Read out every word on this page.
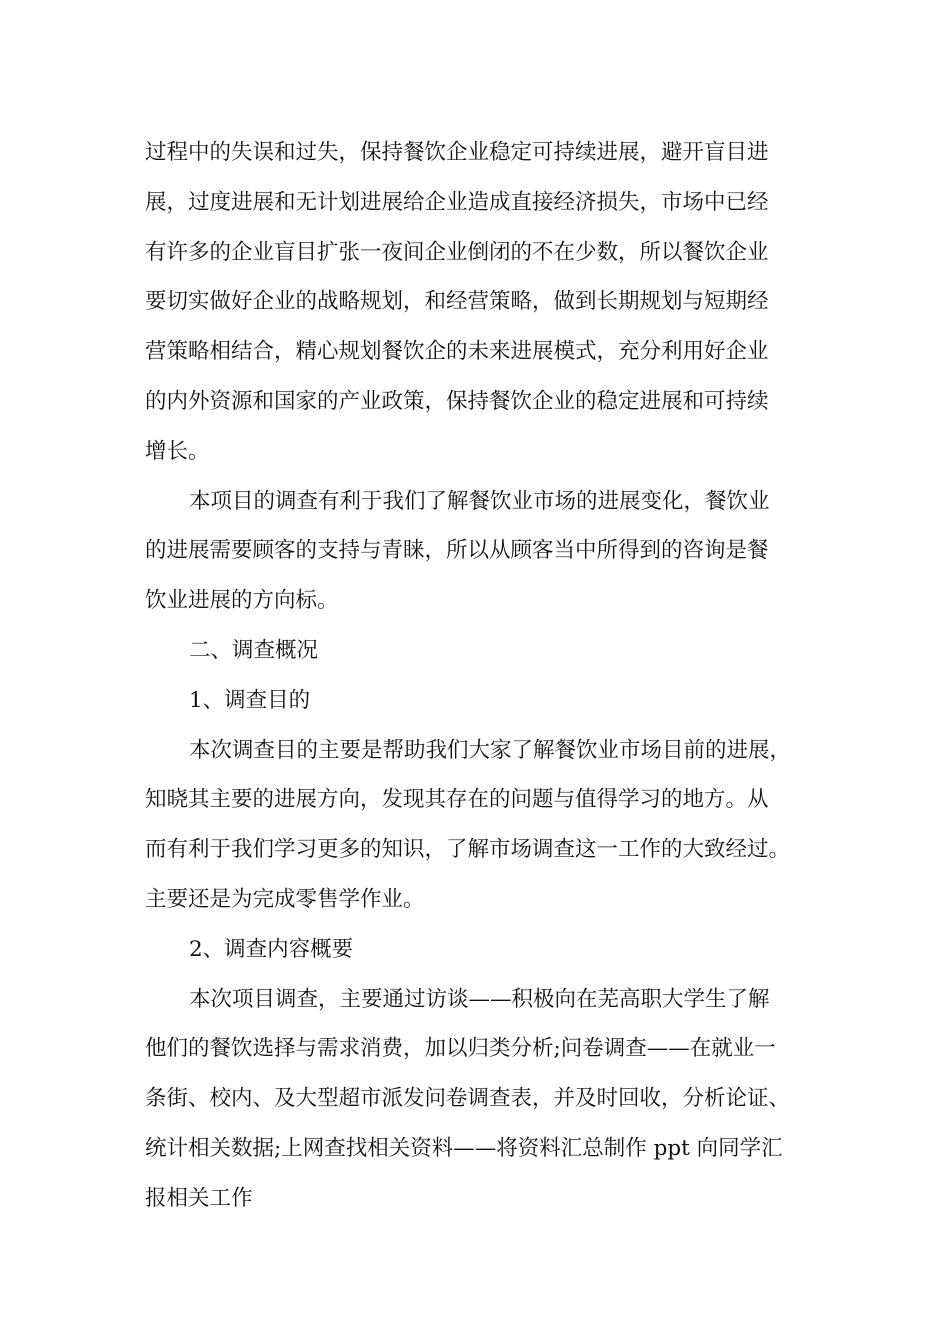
过程中的失误和过失，保持餐饮企业稳定可持续进展，避开盲目进
展，过度进展和无计划进展给企业造成直接经济损失，市场中已经
有许多的企业盲目扩张一夜间企业倒闭的不在少数，所以餐饮企业
要切实做好企业的战略规划，和经营策略，做到长期规划与短期经
营策略相结合，精心规划餐饮企的未来进展模式，充分利用好企业
的内外资源和国家的产业政策，保持餐饮企业的稳定进展和可持续
增长。
本项目的调查有利于我们了解餐饮业市场的进展变化，餐饮业
的进展需要顾客的支持与青睐，所以从顾客当中所得到的咨询是餐
饮业进展的方向标。
二、调查概况
1、调查目的
本次调查目的主要是帮助我们大家了解餐饮业市场目前的进展，
知晓其主要的进展方向，发现其存在的问题与值得学习的地方。从
而有利于我们学习更多的知识，了解市场调查这一工作的大致经过。
主要还是为完成零售学作业。
2、调查内容概要
本次项目调查，主要通过访谈——积极向在芜高职大学生了解
他们的餐饮选择与需求消费，加以归类分析;问卷调查——在就业一
条街、校内、及大型超市派发问卷调查表，并及时回收，分析论证、
统计相关数据;上网查找相关资料——将资料汇总制作 ppt 向同学汇
报相关工作
